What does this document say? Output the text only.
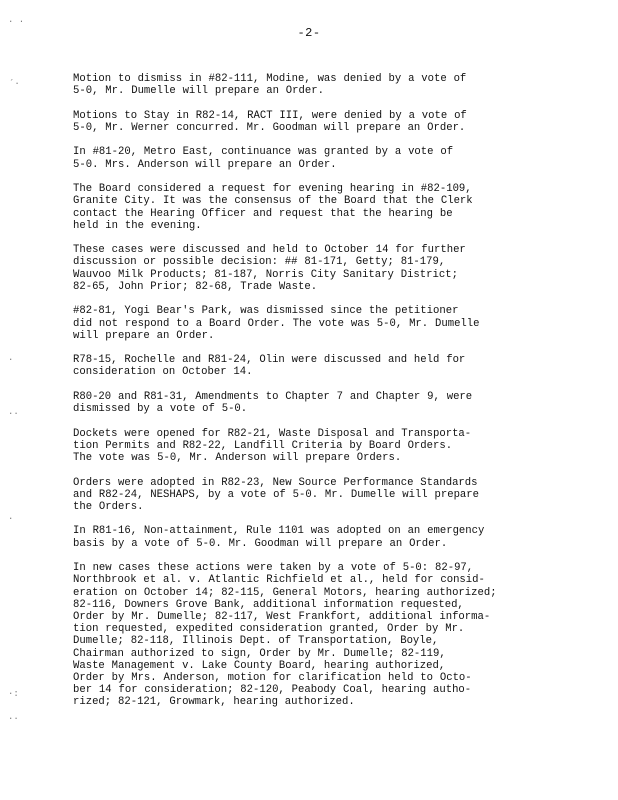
-2-
· ·
´·
·
··
·
·:
··

Motion to dismiss in #82-111, Modine, was denied by a vote of
5-0, Mr. Dumelle will prepare an Order.

Motions to Stay in R82-14, RACT III, were denied by a vote of
5-0, Mr. Werner concurred. Mr. Goodman will prepare an Order.

In #81-20, Metro East, continuance was granted by a vote of
5-0. Mrs. Anderson will prepare an Order.

The Board considered a request for evening hearing in #82-109,
Granite City. It was the consensus of the Board that the Clerk
contact the Hearing Officer and request that the hearing be
held in the evening.

These cases were discussed and held to October 14 for further
discussion or possible decision: ## 81-171, Getty; 81-179,
Wauvoo Milk Products; 81-187, Norris City Sanitary District;
82-65, John Prior; 82-68, Trade Waste.

#82-81, Yogi Bear's Park, was dismissed since the petitioner
did not respond to a Board Order. The vote was 5-0, Mr. Dumelle
will prepare an Order.

R78-15, Rochelle and R81-24, Olin were discussed and held for
consideration on October 14.

R80-20 and R81-31, Amendments to Chapter 7 and Chapter 9, were
dismissed by a vote of 5-0.

Dockets were opened for R82-21, Waste Disposal and Transporta-
tion Permits and R82-22, Landfill Criteria by Board Orders.
The vote was 5-0, Mr. Anderson will prepare Orders.

Orders were adopted in R82-23, New Source Performance Standards
and R82-24, NESHAPS, by a vote of 5-0. Mr. Dumelle will prepare
the Orders.

In R81-16, Non-attainment, Rule 1101 was adopted on an emergency
basis by a vote of 5-0. Mr. Goodman will prepare an Order.

In new cases these actions were taken by a vote of 5-0: 82-97,
Northbrook et al. v. Atlantic Richfield et al., held for consid-
eration on October 14; 82-115, General Motors, hearing authorized;
82-116, Downers Grove Bank, additional information requested,
Order by Mr. Dumelle; 82-117, West Frankfort, additional informa-
tion requested, expedited consideration granted, Order by Mr.
Dumelle; 82-118, Illinois Dept. of Transportation, Boyle,
Chairman authorized to sign, Order by Mr. Dumelle; 82-119,
Waste Management v. Lake County Board, hearing authorized,
Order by Mrs. Anderson, motion for clarification held to Octo-
ber 14 for consideration; 82-120, Peabody Coal, hearing autho-
rized; 82-121, Growmark, hearing authorized.
